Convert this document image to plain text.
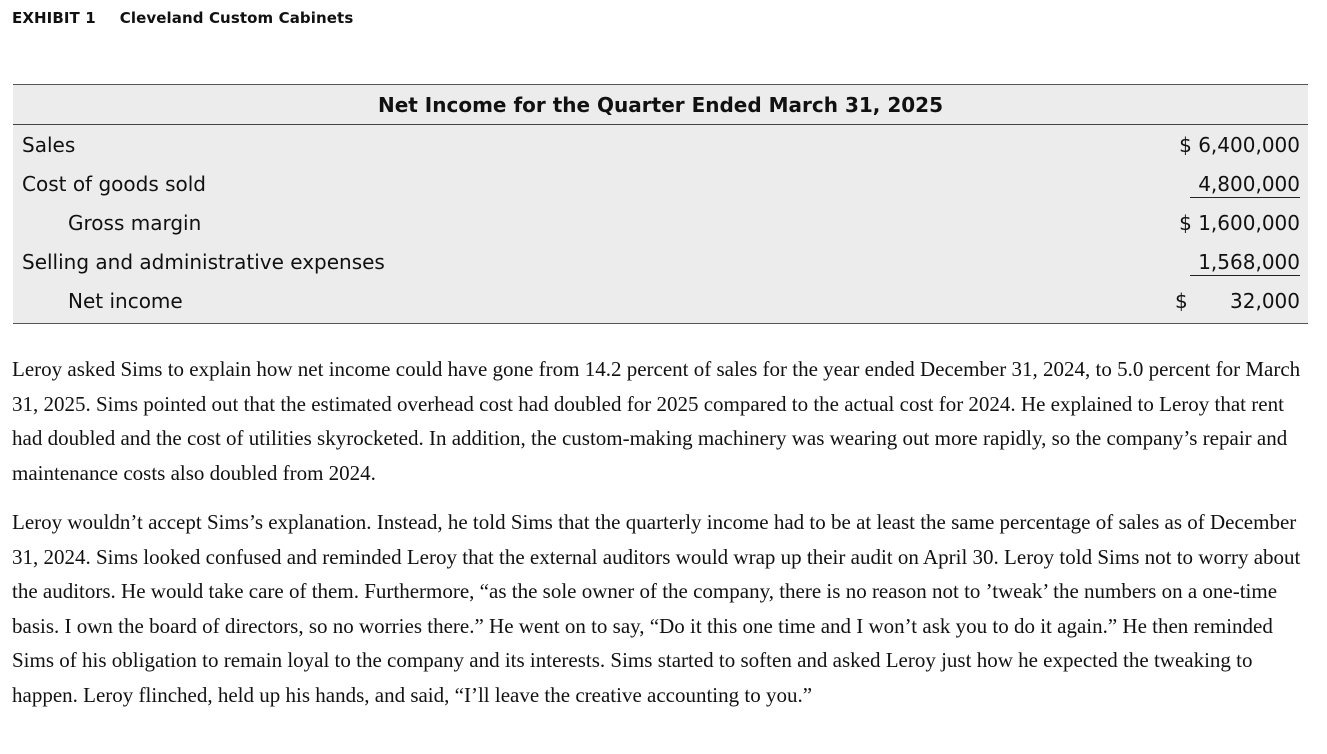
EXHIBIT 1 Cleveland Custom Cabinets
Net Income for the Quarter Ended March 31, 2025
Sales	$ 6,400,000
Cost of goods sold	4,800,000
Gross margin	$ 1,600,000
Selling and administrative expenses	1,568,000
Net income	$ 32,000

Leroy asked Sims to explain how net income could have gone from 14.2 percent of sales for the year ended December 31, 2024, to 5.0 percent for March 31, 2025. Sims pointed out that the estimated overhead cost had doubled for 2025 compared to the actual cost for 2024. He explained to Leroy that rent had doubled and the cost of utilities skyrocketed. In addition, the custom-making machinery was wearing out more rapidly, so the company’s repair and maintenance costs also doubled from 2024.

Leroy wouldn’t accept Sims’s explanation. Instead, he told Sims that the quarterly income had to be at least the same percentage of sales as of December 31, 2024. Sims looked confused and reminded Leroy that the external auditors would wrap up their audit on April 30. Leroy told Sims not to worry about the auditors. He would take care of them. Furthermore, “as the sole owner of the company, there is no reason not to ’tweak’ the numbers on a one-time basis. I own the board of directors, so no worries there.” He went on to say, “Do it this one time and I won’t ask you to do it again.” He then reminded Sims of his obligation to remain loyal to the company and its interests. Sims started to soften and asked Leroy just how he expected the tweaking to happen. Leroy flinched, held up his hands, and said, “I’ll leave the creative accounting to you.”
